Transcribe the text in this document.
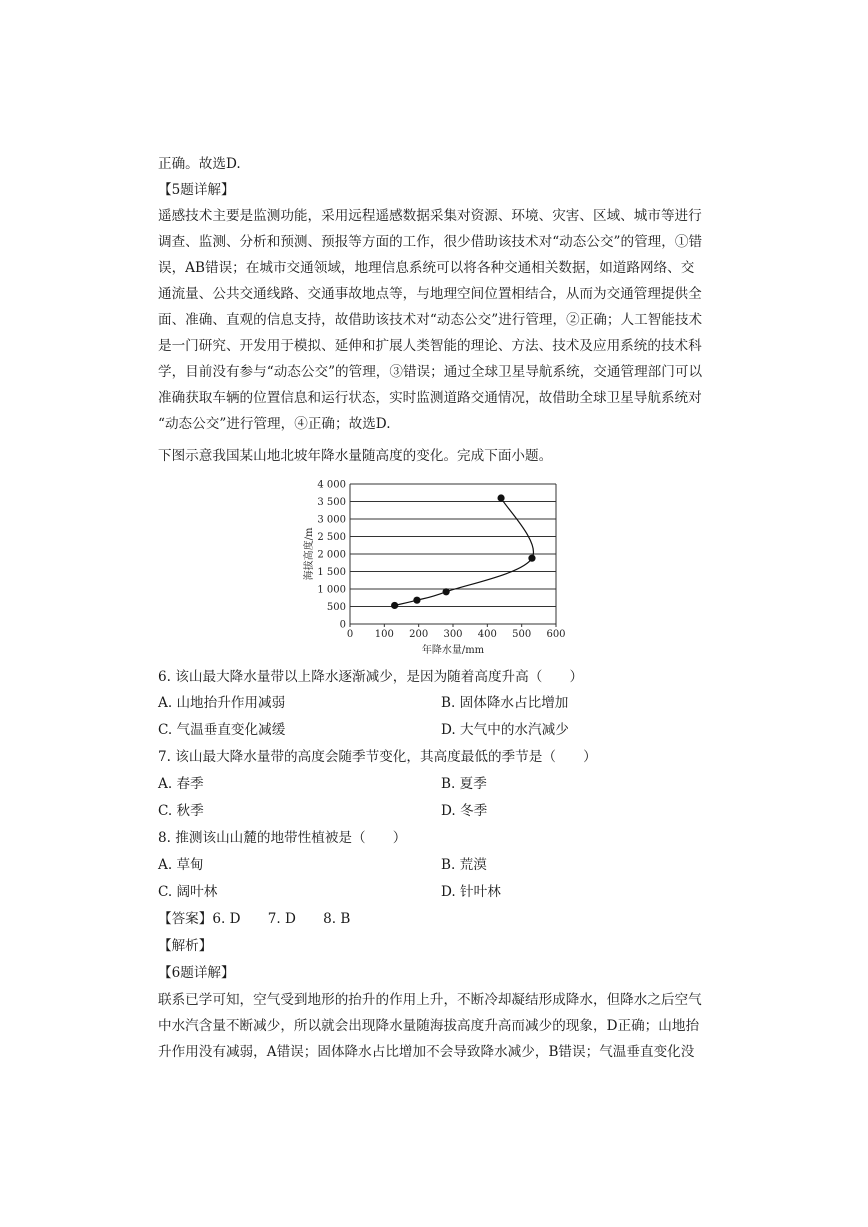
正确。故选D.
【5题详解】
遥感技术主要是监测功能，采用远程遥感数据采集对资源、环境、灾害、区域、城市等进行
调查、监测、分析和预测、预报等方面的工作，很少借助该技术对“动态公交”的管理，①错
误，AB错误；在城市交通领域，地理信息系统可以将各种交通相关数据，如道路网络、交
通流量、公共交通线路、交通事故地点等，与地理空间位置相结合，从而为交通管理提供全
面、准确、直观的信息支持，故借助该技术对“动态公交”进行管理，②正确；人工智能技术
是一门研究、开发用于模拟、延伸和扩展人类智能的理论、方法、技术及应用系统的技术科
学，目前没有参与“动态公交”的管理，③错误；通过全球卫星导航系统，交通管理部门可以
准确获取车辆的位置信息和运行状态，实时监测道路交通情况，故借助全球卫星导航系统对
“动态公交”进行管理，④正确；故选D.
下图示意我国某山地北坡年降水量随高度的变化。完成下面小题。
0
500
1 000
1 500
2 000
2 500
3 000
3 500
4 000
0 100 200 300 400 500 600
年降水量/mm
海拔高度/m
6. 该山最大降水量带以上降水逐渐减少，是因为随着高度升高（　　）
A. 山地抬升作用减弱	B. 固体降水占比增加
C. 气温垂直变化减缓	D. 大气中的水汽减少
7. 该山最大降水量带的高度会随季节变化，其高度最低的季节是（　　）
A. 春季	B. 夏季
C. 秋季	D. 冬季
8. 推测该山山麓的地带性植被是（　　）
A. 草甸	B. 荒漠
C. 阔叶林	D. 针叶林
【答案】6. D　　7. D　　8. B
【解析】
【6题详解】
联系已学可知，空气受到地形的抬升的作用上升，不断冷却凝结形成降水，但降水之后空气
中水汽含量不断减少，所以就会出现降水量随海拔高度升高而减少的现象，D正确；山地抬
升作用没有减弱，A错误；固体降水占比增加不会导致降水减少，B错误；气温垂直变化没
